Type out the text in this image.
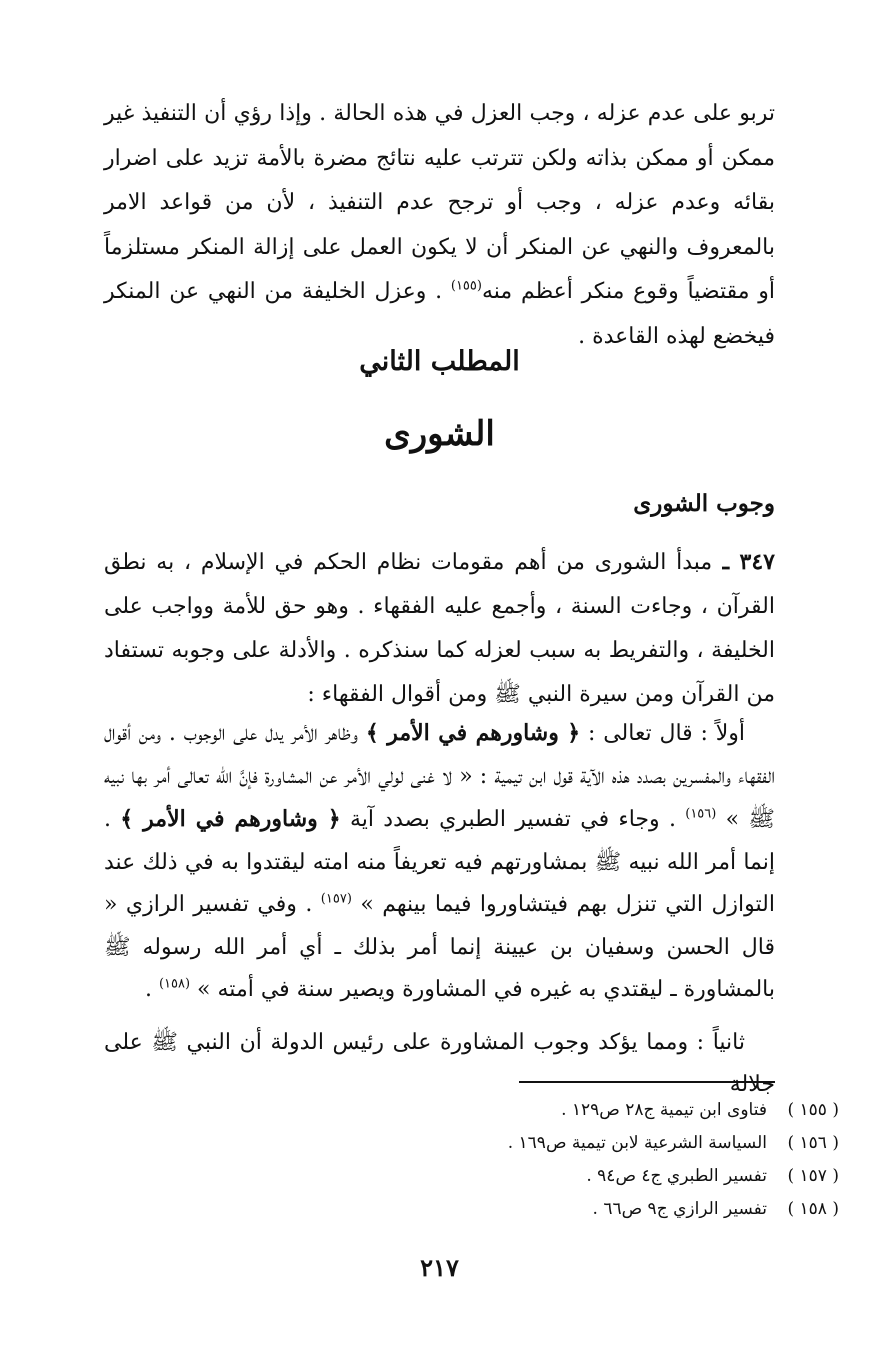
تربو على عدم عزله ، وجب العزل في هذه الحالة . وإذا رؤي أن التنفيذ غير ممكن أو ممكن بذاته ولكن تترتب عليه نتائج مضرة بالأمة تزيد على اضرار بقائه وعدم عزله ، وجب أو ترجح عدم التنفيذ ، لأن من قواعد الامر بالمعروف والنهي عن المنكر أن لا يكون العمل على إزالة المنكر مستلزماً أو مقتضياً وقوع منكر أعظم منه$^{(١٥٥)}$ . وعزل الخليفة من النهي عن المنكر فيخضع لهذه القاعدة .

المطلب الثاني
الشورى
وجوب الشورى

٣٤٧ ـ مبدأ الشورى من أهم مقومات نظام الحكم في الإسلام ، به نطق القرآن ، وجاءت السنة ، وأجمع عليه الفقهاء . وهو حق للأمة وواجب على الخليفة ، والتفريط به سبب لعزله كما سنذكره . والأدلة على وجوبه تستفاد من القرآن ومن سيرة النبي ﷺ ومن أقوال الفقهاء :

أولاً : قال تعالى : ﴿ وشاورهم في الأمر ﴾ وظاهر الأمر يدل على الوجوب . ومن أقوال الفقهاء والمفسرين بصدد هذه الآية قول ابن تيمية : « لا غنى لولي الأمر عن المشاورة فإنَّ الله تعالى أمر بها نبيه ﷺ » $^{(١٥٦)}$ . وجاء في تفسير الطبري بصدد آية ﴿ وشاورهم في الأمر ﴾ . إنما أمر الله نبيه ﷺ بمشاورتهم فيه تعريفاً منه امته ليقتدوا به في ذلك عند التوازل التي تنزل بهم فيتشاوروا فيما بينهم » $^{(١٥٧)}$ . وفي تفسير الرازي « قال الحسن وسفيان بن عيينة إنما أمر بذلك ـ أي أمر الله رسوله ﷺ بالمشاورة ـ ليقتدي به غيره في المشاورة ويصير سنة في أمته » $^{(١٥٨)}$ .

ثانياً : ومما يؤكد وجوب المشاورة على رئيس الدولة أن النبي ﷺ على جلالة

( ١٥٥ )فتاوى ابن تيمية ج٢٨ ص١٢٩ .

( ١٥٦ )السياسة الشرعية لابن تيمية ص١٦٩ .

( ١٥٧ )تفسير الطبري ج٤ ص٩٤ .

( ١٥٨ )تفسير الرازي ج٩ ص٦٦ .

٢١٧
